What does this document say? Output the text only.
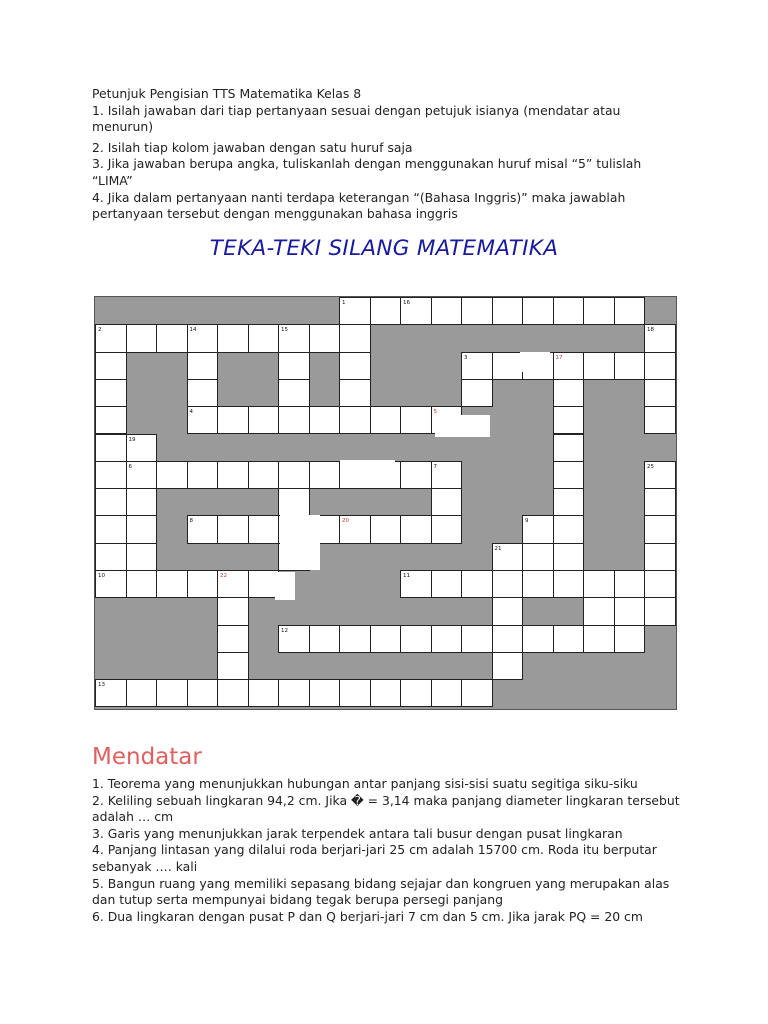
Petunjuk Pengisian TTS Matematika Kelas 8

1. Isilah jawaban dari tiap pertanyaan sesuai dengan petujuk isianya (mendatar atau menurun)

2. Isilah tiap kolom jawaban dengan satu huruf saja

3. Jika jawaban berupa angka, tuliskanlah dengan menggunakan huruf misal “5” tulislah “LIMA”

4. Jika dalam pertanyaan nanti terdapa keterangan “(Bahasa Inggris)” maka jawablah pertanyaan tersebut dengan menggunakan bahasa inggris

TEKA-TEKI SILANG MATEMATIKA
1	16
2	14	15	18
3	17
4	5
19
6	7	25
8	20	9
21
10	22	11
12
13
Mendatar

1. Teorema yang menunjukkan hubungan antar panjang sisi-sisi suatu segitiga siku-siku

2. Keliling sebuah lingkaran 94,2 cm. Jika � = 3,14 maka panjang diameter lingkaran tersebut adalah … cm

3. Garis yang menunjukkan jarak terpendek antara tali busur dengan pusat lingkaran

4. Panjang lintasan yang dilalui roda berjari-jari 25 cm adalah 15700 cm. Roda itu berputar sebanyak …. kali

5. Bangun ruang yang memiliki sepasang bidang sejajar dan kongruen yang merupakan alas dan tutup serta mempunyai bidang tegak berupa persegi panjang

6. Dua lingkaran dengan pusat P dan Q berjari-jari 7 cm dan 5 cm. Jika jarak PQ = 20 cm
